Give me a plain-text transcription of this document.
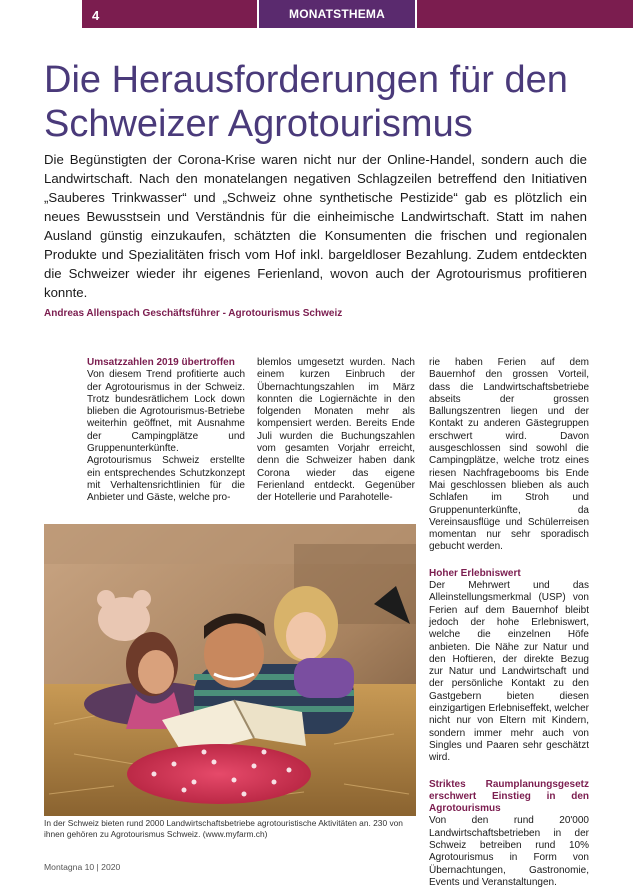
4	MONATSTHEMA
Die Herausforderungen für den
Schweizer Agrotourismus

Die Begünstigten der Corona-Krise waren nicht nur der Online-Handel, sondern auch die Landwirtschaft. Nach den monatelangen negativen Schlagzeilen betreffend den Initiativen „Sauberes Trinkwasser“ und „Schweiz ohne synthetische Pestizide“ gab es plötzlich ein neues Bewusstsein und Verständnis für die einheimische Landwirtschaft. Statt im nahen Ausland günstig einzukaufen, schätzten die Konsumenten die frischen und regionalen Produkte und Spezialitäten frisch vom Hof inkl. bargeldloser Bezahlung. Zudem entdeckten die Schweizer wieder ihr eigenes Ferienland, wovon auch der Agrotourismus profitieren konnte.

Andreas Allenspach Geschäftsführer - Agrotourismus Schweiz
Umsatzzahlen 2019 übertroffen

Von diesem Trend profitierte auch der Agrotourismus in der Schweiz. Trotz bundesrätlichem Lock down blieben die Agrotourismus-Betriebe weiterhin geöffnet, mit Ausnahme der Campingplätze und Gruppenunterkünfte. Agrotourismus Schweiz erstellte ein entsprechendes Schutzkonzept mit Verhaltensrichtlinien für die Anbieter und Gäste, welche pro-

blemlos umgesetzt wurden. Nach einem kurzen Einbruch der Übernachtungszahlen im März konnten die Logiernächte in den folgenden Monaten mehr als kompensiert werden. Bereits Ende Juli wurden die Buchungszahlen vom gesamten Vorjahr erreicht, denn die Schweizer haben dank Corona wieder das eigene Ferienland entdeckt. Gegenüber der Hotellerie und Parahotelle-

rie haben Ferien auf dem Bauernhof den grossen Vorteil, dass die Landwirtschaftsbetriebe abseits der grossen Ballungszentren liegen und der Kontakt zu anderen Gästegruppen erschwert wird. Davon ausgeschlossen sind sowohl die Campingplätze, welche trotz eines riesen Nachfragebooms bis Ende Mai geschlossen blieben als auch Schlafen im Stroh und Gruppenunterkünfte, da Vereinsausflüge und Schülerreisen momentan nur sehr sporadisch gebucht werden.

Hoher Erlebniswert

Der Mehrwert und das Alleinstellungsmerkmal (USP) von Ferien auf dem Bauernhof bleibt jedoch der hohe Erlebniswert, welche die einzelnen Höfe anbieten. Die Nähe zur Natur und den Hoftieren, der direkte Bezug zur Natur und Landwirtschaft und der persönliche Kontakt zu den Gastgebern bieten diesen einzigartigen Erlebniseffekt, welcher nicht nur von Eltern mit Kindern, sondern immer mehr auch von Singles und Paaren sehr geschätzt wird.

Striktes Raumplanungsgesetz erschwert Einstieg in den Agrotourismus

Von den rund 20'000 Landwirtschaftsbetrieben in der Schweiz betreiben rund 10% Agrotourismus in Form von Übernachtungen, Gastronomie, Events und Veranstaltungen.

In der Schweiz bieten rund 2000 Landwirtschaftsbetriebe agrotouristische Aktivitäten an. 230 von ihnen gehören zu Agrotourismus Schweiz. (www.myfarm.ch)
Montagna 10 | 2020
